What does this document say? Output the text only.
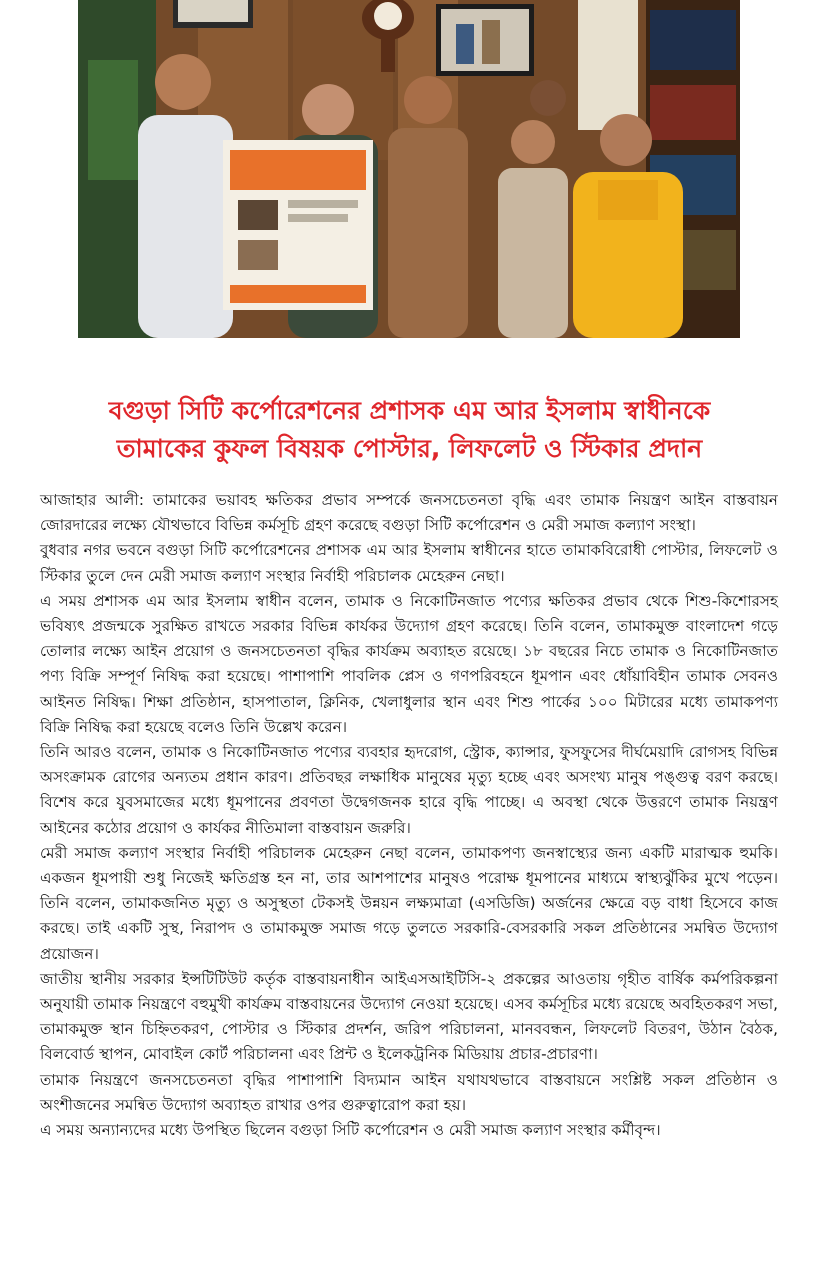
বগুড়া সিটি কর্পোরেশনের প্রশাসক এম আর ইসলাম স্বাধীনকে
তামাকের কুফল বিষয়ক পোস্টার, লিফলেট ও স্টিকার প্রদান

আজাহার আলী: তামাকের ভয়াবহ ক্ষতিকর প্রভাব সম্পর্কে জনসচেতনতা বৃদ্ধি এবং তামাক নিয়ন্ত্রণ আইন বাস্তবায়ন জোরদারের লক্ষ্যে যৌথভাবে বিভিন্ন কর্মসূচি গ্রহণ করেছে বগুড়া সিটি কর্পোরেশন ও মেরী সমাজ কল্যাণ সংস্থা।

বুধবার নগর ভবনে বগুড়া সিটি কর্পোরেশনের প্রশাসক এম আর ইসলাম স্বাধীনের হাতে তামাকবিরোধী পোস্টার, লিফলেট ও স্টিকার তুলে দেন মেরী সমাজ কল্যাণ সংস্থার নির্বাহী পরিচালক মেহেরুন নেছা।

এ সময় প্রশাসক এম আর ইসলাম স্বাধীন বলেন, তামাক ও নিকোটিনজাত পণ্যের ক্ষতিকর প্রভাব থেকে শিশু-কিশোরসহ ভবিষ্যৎ প্রজন্মকে সুরক্ষিত রাখতে সরকার বিভিন্ন কার্যকর উদ্যোগ গ্রহণ করেছে। তিনি বলেন, তামাকমুক্ত বাংলাদেশ গড়ে তোলার লক্ষ্যে আইন প্রয়োগ ও জনসচেতনতা বৃদ্ধির কার্যক্রম অব্যাহত রয়েছে। ১৮ বছরের নিচে তামাক ও নিকোটিনজাত পণ্য বিক্রি সম্পূর্ণ নিষিদ্ধ করা হয়েছে। পাশাপাশি পাবলিক প্লেস ও গণপরিবহনে ধূমপান এবং ধোঁয়াবিহীন তামাক সেবনও আইনত নিষিদ্ধ। শিক্ষা প্রতিষ্ঠান, হাসপাতাল, ক্লিনিক, খেলাধুলার স্থান এবং শিশু পার্কের ১০০ মিটারের মধ্যে তামাকপণ্য বিক্রি নিষিদ্ধ করা হয়েছে বলেও তিনি উল্লেখ করেন।

তিনি আরও বলেন, তামাক ও নিকোটিনজাত পণ্যের ব্যবহার হৃদরোগ, স্ট্রোক, ক্যান্সার, ফুসফুসের দীর্ঘমেয়াদি রোগসহ বিভিন্ন অসংক্রামক রোগের অন্যতম প্রধান কারণ। প্রতিবছর লক্ষাধিক মানুষের মৃত্যু হচ্ছে এবং অসংখ্য মানুষ পঙ্গুত্ব বরণ করছে। বিশেষ করে যুবসমাজের মধ্যে ধূমপানের প্রবণতা উদ্বেগজনক হারে বৃদ্ধি পাচ্ছে। এ অবস্থা থেকে উত্তরণে তামাক নিয়ন্ত্রণ আইনের কঠোর প্রয়োগ ও কার্যকর নীতিমালা বাস্তবায়ন জরুরি।

মেরী সমাজ কল্যাণ সংস্থার নির্বাহী পরিচালক মেহেরুন নেছা বলেন, তামাকপণ্য জনস্বাস্থ্যের জন্য একটি মারাত্মক হুমকি। একজন ধূমপায়ী শুধু নিজেই ক্ষতিগ্রস্ত হন না, তার আশপাশের মানুষও পরোক্ষ ধূমপানের মাধ্যমে স্বাস্থ্যঝুঁকির মুখে পড়েন। তিনি বলেন, তামাকজনিত মৃত্যু ও অসুস্থতা টেকসই উন্নয়ন লক্ষ্যমাত্রা (এসডিজি) অর্জনের ক্ষেত্রে বড় বাধা হিসেবে কাজ করছে। তাই একটি সুস্থ, নিরাপদ ও তামাকমুক্ত সমাজ গড়ে তুলতে সরকারি-বেসরকারি সকল প্রতিষ্ঠানের সমন্বিত উদ্যোগ প্রয়োজন।

জাতীয় স্থানীয় সরকার ইন্সটিটিউট কর্তৃক বাস্তবায়নাধীন আইএসআইটিসি-২ প্রকল্পের আওতায় গৃহীত বার্ষিক কর্মপরিকল্পনা অনুযায়ী তামাক নিয়ন্ত্রণে বহুমুখী কার্যক্রম বাস্তবায়নের উদ্যোগ নেওয়া হয়েছে। এসব কর্মসূচির মধ্যে রয়েছে অবহিতকরণ সভা, তামাকমুক্ত স্থান চিহ্নিতকরণ, পোস্টার ও স্টিকার প্রদর্শন, জরিপ পরিচালনা, মানববন্ধন, লিফলেট বিতরণ, উঠান বৈঠক, বিলবোর্ড স্থাপন, মোবাইল কোর্ট পরিচালনা এবং প্রিন্ট ও ইলেকট্রনিক মিডিয়ায় প্রচার-প্রচারণা।

তামাক নিয়ন্ত্রণে জনসচেতনতা বৃদ্ধির পাশাপাশি বিদ্যমান আইন যথাযথভাবে বাস্তবায়নে সংশ্লিষ্ট সকল প্রতিষ্ঠান ও অংশীজনের সমন্বিত উদ্যোগ অব্যাহত রাখার ওপর গুরুত্বারোপ করা হয়।

এ সময় অন্যান্যদের মধ্যে উপস্থিত ছিলেন বগুড়া সিটি কর্পোরেশন ও মেরী সমাজ কল্যাণ সংস্থার কর্মীবৃন্দ।
